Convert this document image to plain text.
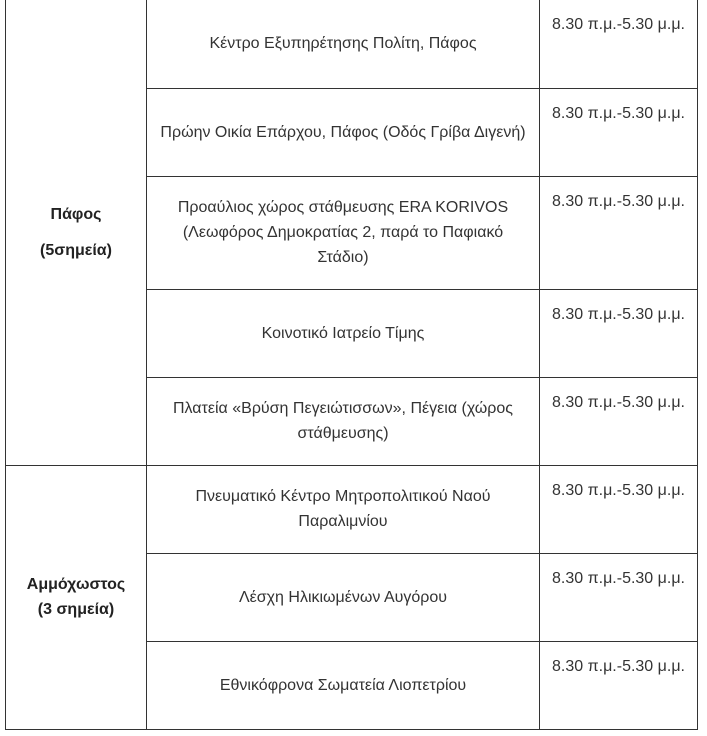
Πάφος
(5σημεία)	Κέντρο Εξυπηρέτησης Πολίτη, Πάφος	8.30 π.μ.-5.30 μ.μ.

	Πρώην Οικία Επάρχου, Πάφος (Οδός Γρίβα Διγενή)	8.30 π.μ.-5.30 μ.μ.

	Προαύλιος χώρος στάθμευσης ERA KORIVOS (Λεωφόρος Δημοκρατίας 2, παρά το Παφιακό Στάδιο)	8.30 π.μ.-5.30 μ.μ.

	Κοινοτικό Ιατρείο Τίμης	8.30 π.μ.-5.30 μ.μ.

	Πλατεία «Βρύση Πεγειώτισσων», Πέγεια (χώρος στάθμευσης)	8.30 π.μ.-5.30 μ.μ.

Αμμόχωστος
(3 σημεία)	Πνευματικό Κέντρο Μητροπολιτικού Ναού Παραλιμνίου	8.30 π.μ.-5.30 μ.μ.

	Λέσχη Ηλικιωμένων Αυγόρου	8.30 π.μ.-5.30 μ.μ.

	Εθνικόφρονα Σωματεία Λιοπετρίου	8.30 π.μ.-5.30 μ.μ.
